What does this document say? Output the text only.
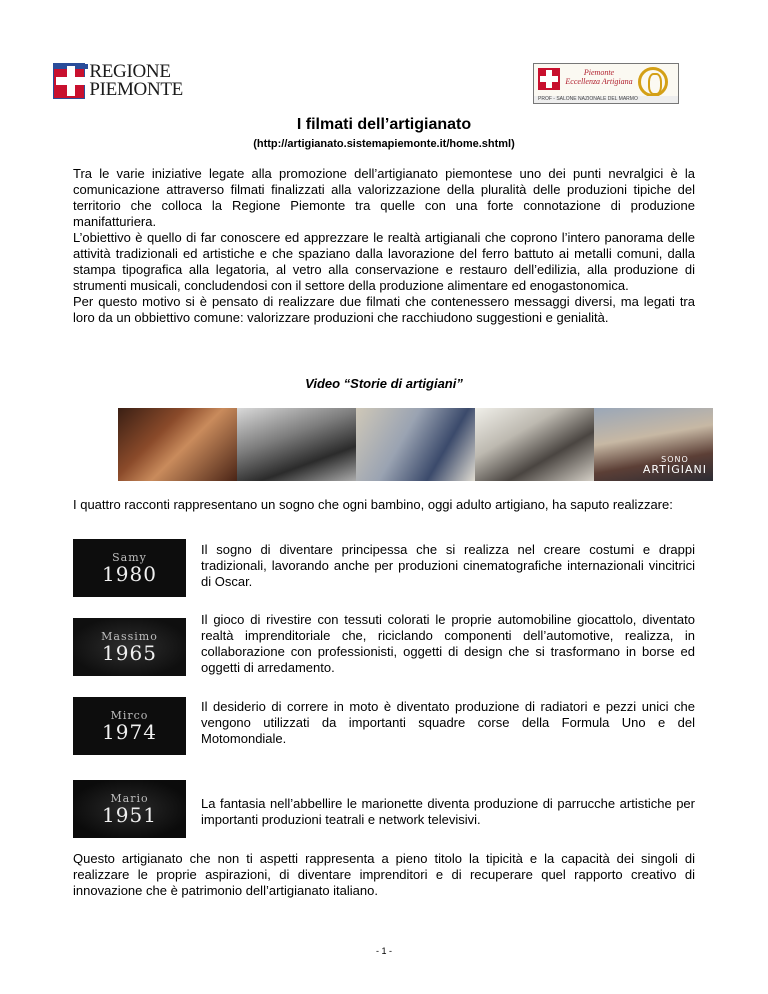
REGIONE
PIEMONTE
Piemonte
Eccellenza Artigiana
PROF - SALONE NAZIONALE DEL MARMO
I filmati dell’artigianato
(http://artigianato.sistemapiemonte.it/home.shtml)

Tra le varie iniziative legate alla promozione dell’artigianato piemontese uno dei punti nevralgici è la comunicazione attraverso filmati finalizzati alla valorizzazione della pluralità delle produzioni tipiche del territorio che colloca la Regione Piemonte tra quelle con una forte connotazione di produzione manifatturiera.

L’obiettivo è quello di far conoscere ed apprezzare le realtà artigianali che coprono l’intero panorama delle attività tradizionali ed artistiche e che spaziano dalla lavorazione del ferro battuto ai metalli comuni, dalla stampa tipografica alla legatoria, al vetro alla conservazione e restauro dell’edilizia, alla produzione di strumenti musicali, concludendosi con il settore della produzione alimentare ed enogastonomica.

Per questo motivo si è pensato di realizzare due filmati che contenessero messaggi diversi, ma legati tra loro da un obbiettivo comune: valorizzare produzioni che racchiudono suggestioni e genialità.

Video “Storie di artigiani”
SONO
ARTIGIANI
I quattro racconti rappresentano un sogno che ogni bambino, oggi adulto artigiano, ha saputo realizzare:
Samy
1980
Il sogno di diventare principessa che si realizza nel creare costumi e drappi tradizionali, lavorando anche per produzioni cinematografiche internazionali vincitrici di Oscar.
Massimo
1965
Il gioco di rivestire con tessuti colorati le proprie automobiline giocattolo, diventato realtà imprenditoriale che, riciclando componenti dell’automotive, realizza, in collaborazione con professionisti, oggetti di design che si trasformano in borse ed oggetti di arredamento.
Mirco
1974
Il desiderio di correre in moto è diventato produzione di radiatori e pezzi unici che vengono utilizzati da importanti squadre corse della Formula Uno e del Motomondiale.
Mario
1951	La fantasia nell’abbellire le marionette diventa produzione di parrucche artistiche per importanti produzioni teatrali e network televisivi.
Questo artigianato che non ti aspetti rappresenta a pieno titolo la tipicità e la capacità dei singoli di realizzare le proprie aspirazioni, di diventare imprenditori e di recuperare quel rapporto creativo di innovazione che è patrimonio dell’artigianato italiano.
- 1 -
